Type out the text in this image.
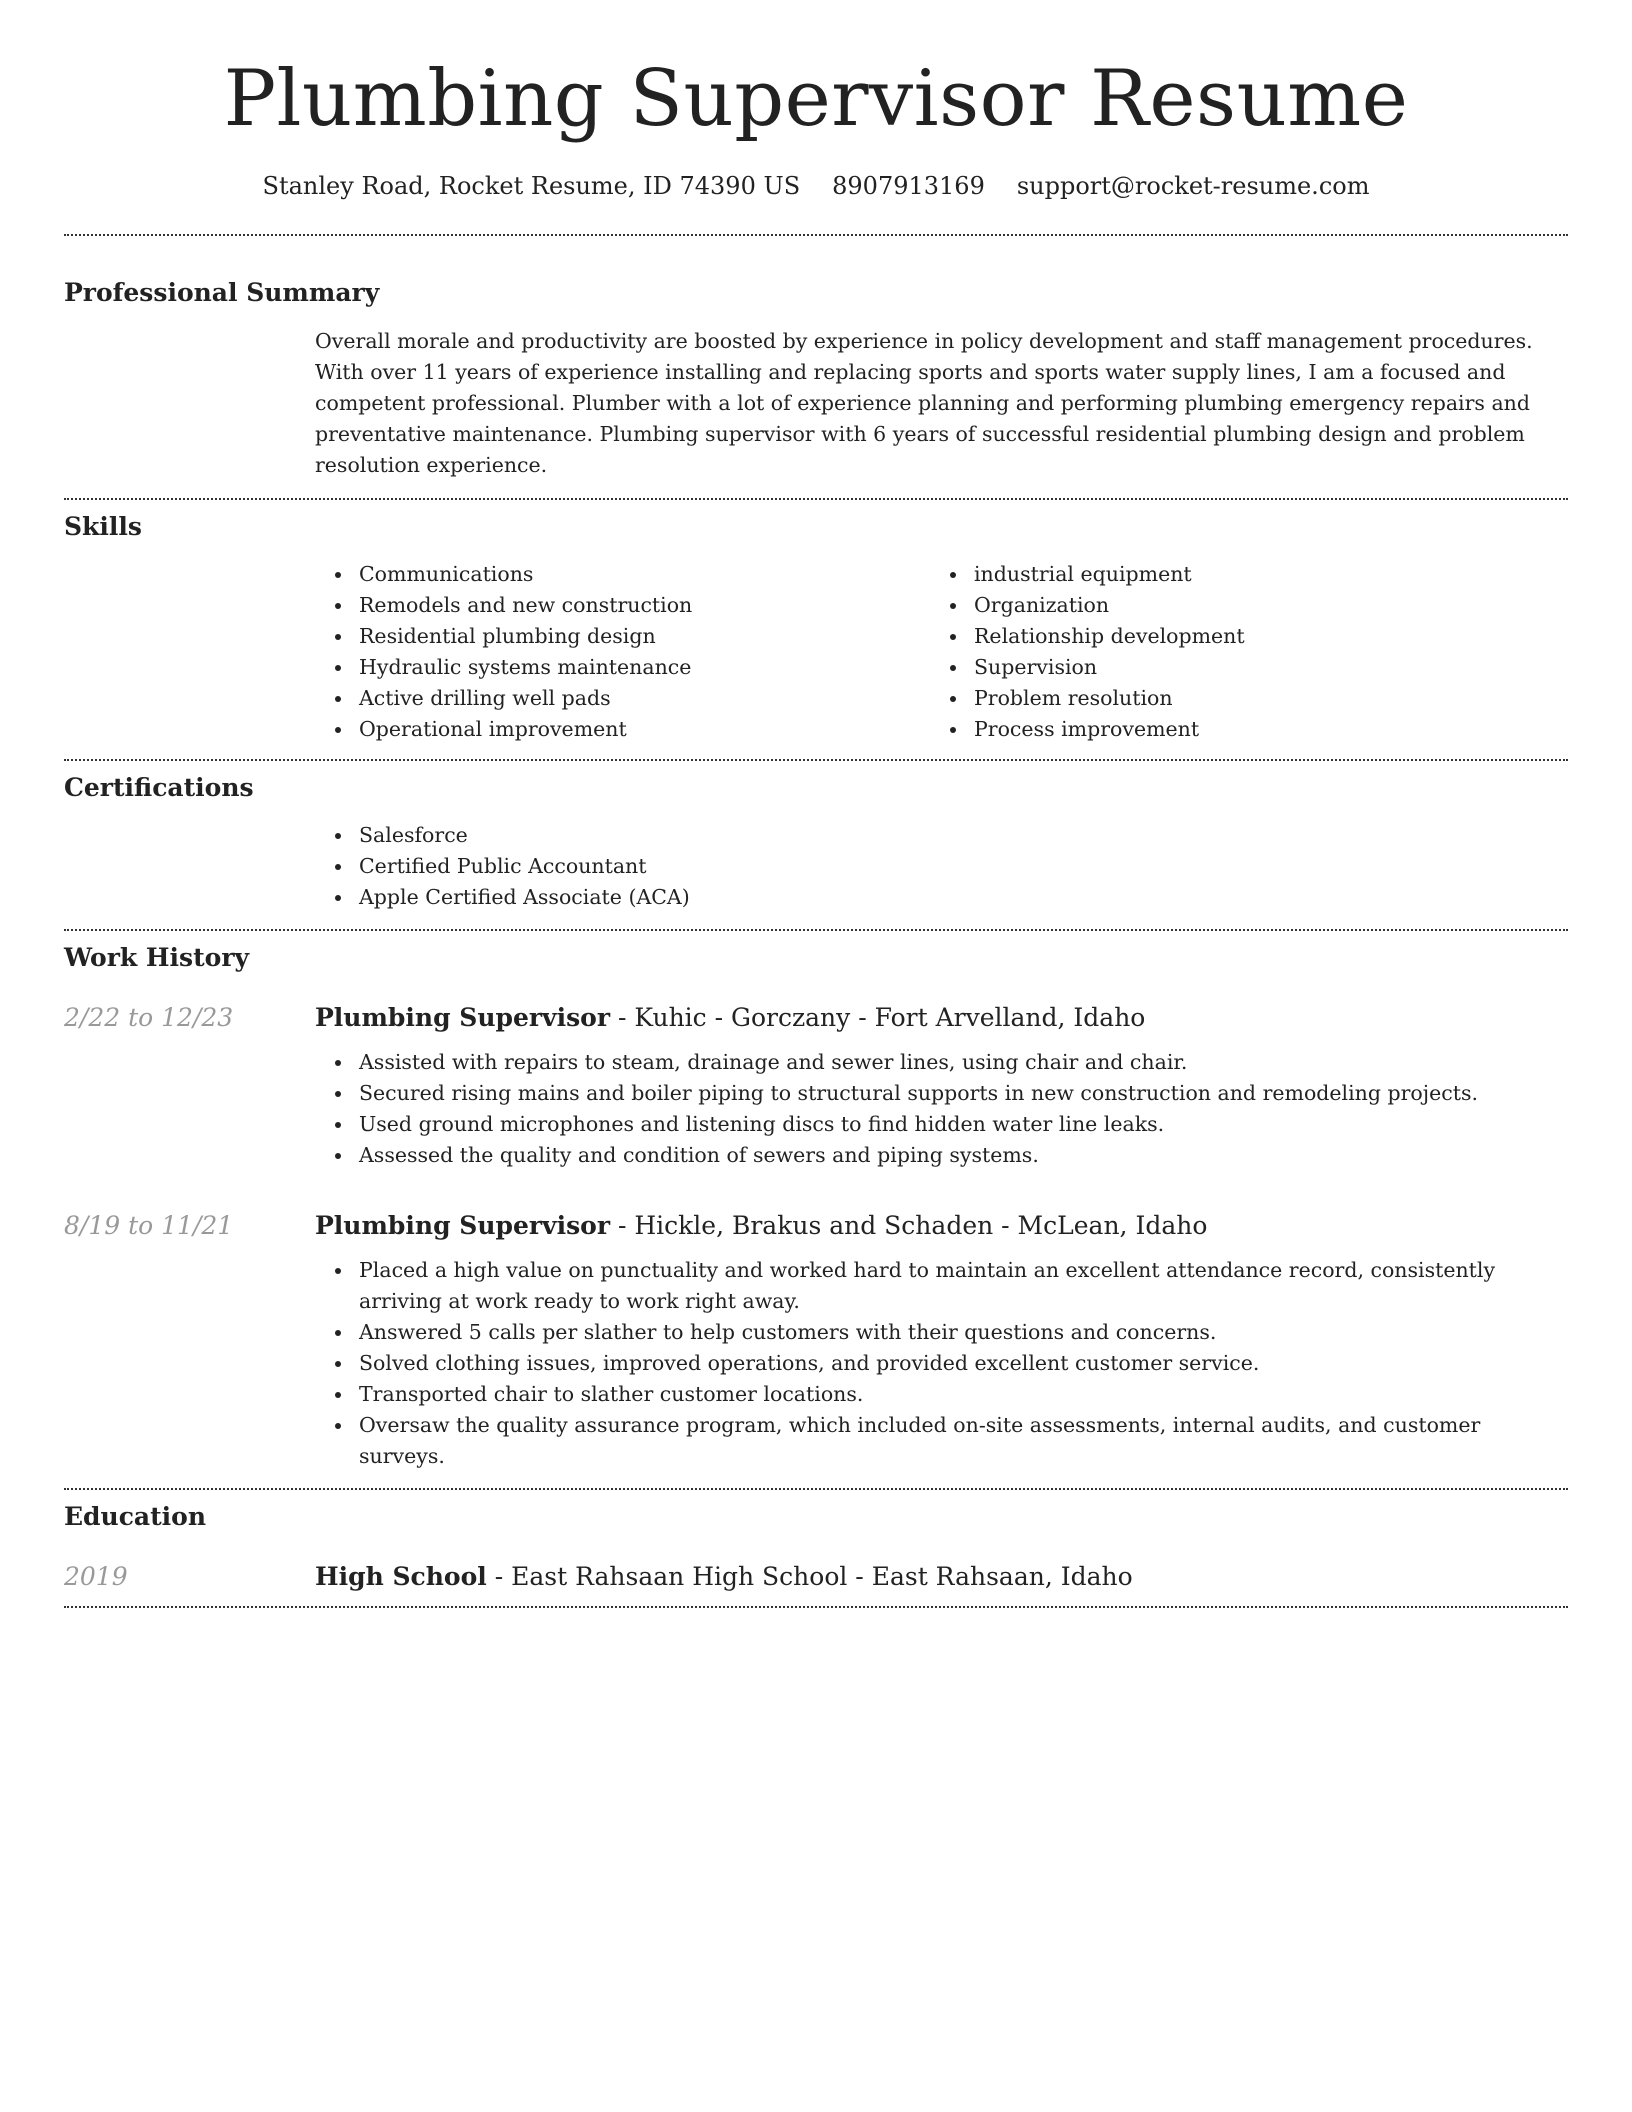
Plumbing Supervisor Resume
Stanley Road, Rocket Resume, ID 74390 US 8907913169 support@rocket-resume.com
Professional Summary

Overall morale and productivity are boosted by experience in policy development and staff management procedures. With over 11 years of experience installing and replacing sports and sports water supply lines, I am a focused and competent professional. Plumber with a lot of experience planning and performing plumbing emergency repairs and preventative maintenance. Plumbing supervisor with 6 years of successful residential plumbing design and problem resolution experience.

Skills
Communications
Remodels and new construction
Residential plumbing design
Hydraulic systems maintenance
Active drilling well pads
Operational improvement
industrial equipment
Organization
Relationship development
Supervision
Problem resolution
Process improvement
Certifications
Salesforce
Certified Public Accountant
Apple Certified Associate (ACA)
Work History
2/22 to 12/23	Plumbing Supervisor - Kuhic - Gorczany - Fort Arvelland, Idaho
Assisted with repairs to steam, drainage and sewer lines, using chair and chair.
Secured rising mains and boiler piping to structural supports in new construction and remodeling projects.
Used ground microphones and listening discs to find hidden water line leaks.
Assessed the quality and condition of sewers and piping systems.
8/19 to 11/21	Plumbing Supervisor - Hickle, Brakus and Schaden - McLean, Idaho
Placed a high value on punctuality and worked hard to maintain an excellent attendance record, consistently arriving at work ready to work right away.
Answered 5 calls per slather to help customers with their questions and concerns.
Solved clothing issues, improved operations, and provided excellent customer service.
Transported chair to slather customer locations.
Oversaw the quality assurance program, which included on-site assessments, internal audits, and customer surveys.
Education
2019	High School - East Rahsaan High School - East Rahsaan, Idaho
